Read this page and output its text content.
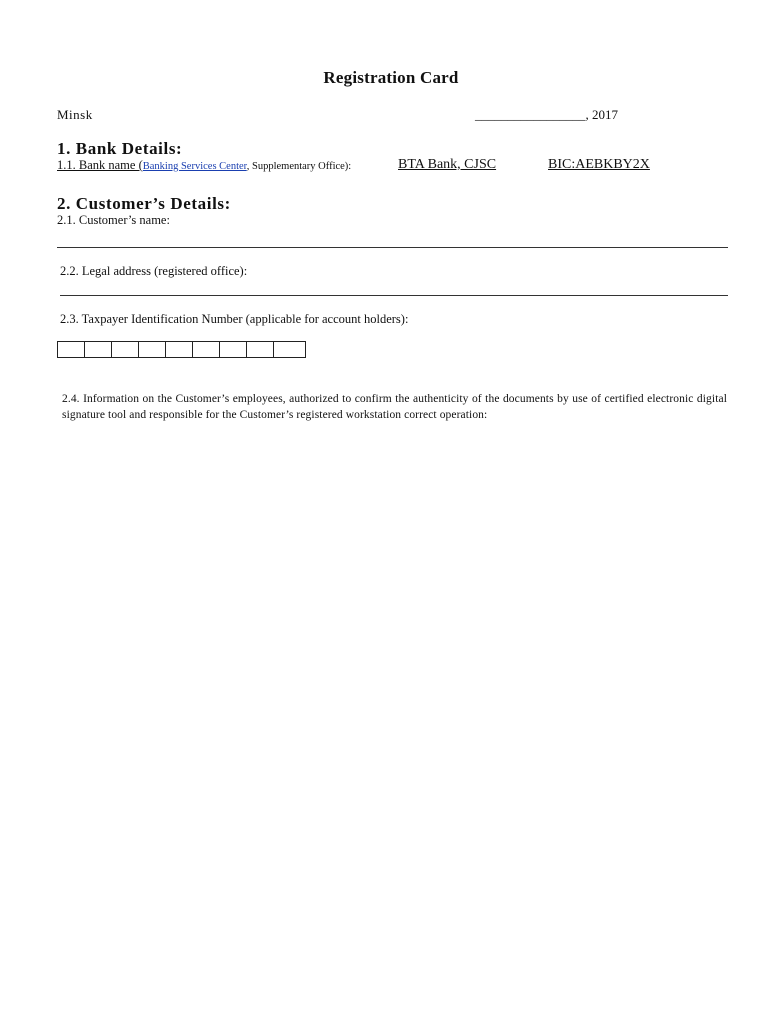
Registration Card
Minsk	_________________, 2017
1. Bank Details:
1.1. Bank name (Banking Services Center, Supplementary Office):	BTA Bank, CJSC	BIC:AEBKBY2X
2. Customer’s Details:
2.1. Customer’s name:
2.2. Legal address (registered office):
2.3. Taxpayer Identification Number (applicable for account holders):
2.4. Information on the Customer’s employees, authorized to confirm the authenticity of the documents by use of certified electronic digital signature tool and responsible for the Customer’s registered workstation correct operation:
